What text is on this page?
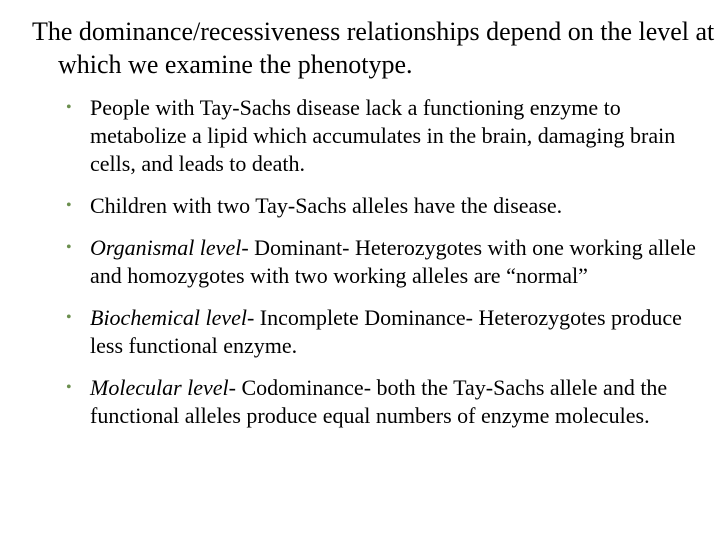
The dominance/recessiveness relationships depend on the level at which we examine the phenotype.
• People with Tay-Sachs disease lack a functioning enzyme to metabolize a lipid which accumulates in the brain, damaging brain cells, and leads to death.
• Children with two Tay-Sachs alleles have the disease.
• Organismal level- Dominant- Heterozygotes with one working allele and homozygotes with two working alleles are “normal”
• Biochemical level- Incomplete Dominance- Heterozygotes produce less functional enzyme.
• Molecular level- Codominance- both the Tay-Sachs allele and the functional alleles produce equal numbers of enzyme molecules.
